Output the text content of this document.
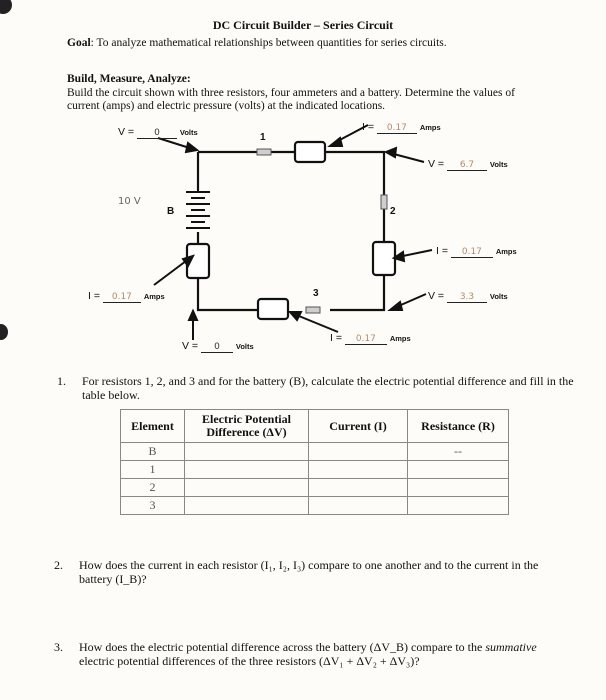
DC Circuit Builder – Series Circuit
Goal: To analyze mathematical relationships between quantities for series circuits.
Build, Measure, Analyze:
Build the circuit shown with three resistors, four ammeters and a battery. Determine the values of current (amps) and electric pressure (volts) at the indicated locations.
V = 0	Volts	I = 0.17 Amps
V = 6.7 Volts
1
10 V
B	2
I = 0.17 Amps
I = 0.17 Amps	3	V = 3.3 Volts
I = 0.17 Amps
V = 0 Volts
1. For resistors 1, 2, and 3 and for the battery (B), calculate the electric potential difference and fill in the table below.
Element	Electric Potential Difference (ΔV)	Current (I)	Resistance (R)
B			--
1			
2			
3			
2. How does the current in each resistor (I₁, I₂, I₃) compare to one another and to the current in the battery (I_B)?
3. How does the electric potential difference across the battery (ΔV_B) compare to the summative electric potential differences of the three resistors (ΔV₁ + ΔV₂ + ΔV₃)?
